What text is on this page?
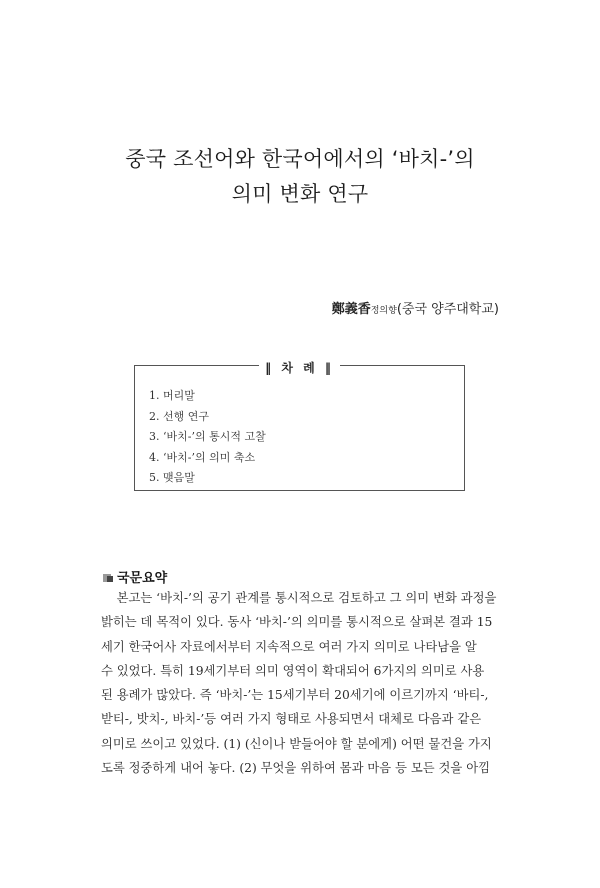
중국 조선어와 한국어에서의 ‘바치-’의
의미 변화 연구
鄭義香정의향(중국 양주대학교)
‖ 차 례 ‖
1. 머리말
2. 선행 연구
3. ‘바치-’의 통시적 고찰
4. ‘바치-’의 의미 축소
5. 맺음말
국문요약
본고는 ‘바치-’의 공기 관계를 통시적으로 검토하고 그 의미 변화 과정을
밝히는 데 목적이 있다. 동사 ‘바치-’의 의미를 통시적으로 살펴본 결과 15
세기 한국어사 자료에서부터 지속적으로 여러 가지 의미로 나타남을 알
수 있었다. 특히 19세기부터 의미 영역이 확대되어 6가지의 의미로 사용
된 용례가 많았다. 즉 ‘바치-’는 15세기부터 20세기에 이르기까지 ‘바티-,
받티-, 밧치-, 바치-’등 여러 가지 형태로 사용되면서 대체로 다음과 같은
의미로 쓰이고 있었다. (1) (신이나 받들어야 할 분에게) 어떤 물건을 가지
도록 정중하게 내어 놓다. (2) 무엇을 위하여 몸과 마음 등 모든 것을 아낌
